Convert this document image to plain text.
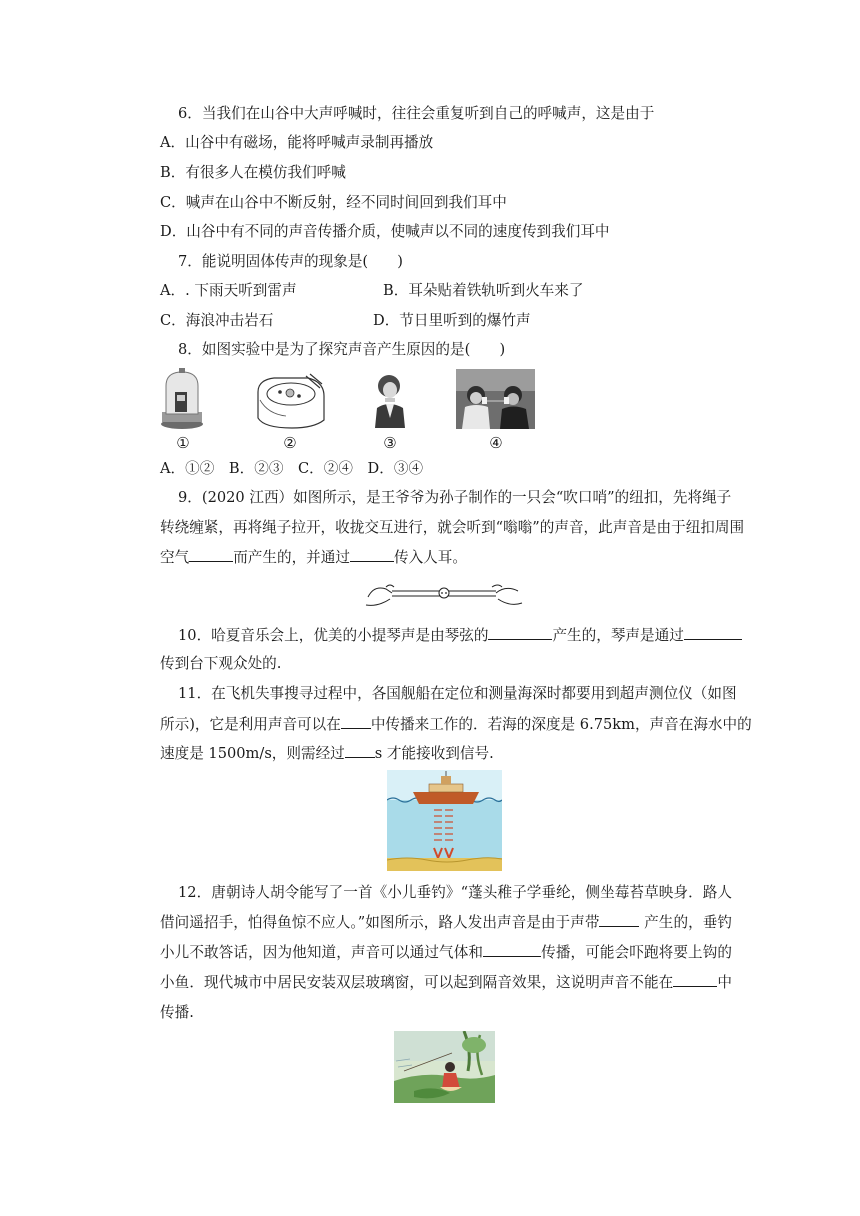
6．当我们在山谷中大声呼喊时，往往会重复听到自己的呼喊声，这是由于
A．山谷中有磁场，能将呼喊声录制再播放
B．有很多人在模仿我们呼喊
C．喊声在山谷中不断反射，经不同时间回到我们耳中
D．山谷中有不同的声音传播介质，使喊声以不同的速度传到我们耳中
7．能说明固体传声的现象是(　　)
A．. 下雨天听到雷声	B．耳朵贴着铁轨听到火车来了
C．海浪冲击岩石	D．节日里听到的爆竹声
8．如图实验中是为了探究声音产生原因的是(　　)
①	②	③	④
A．①②　B．②③　C．②④　D．③④
9．(2020 江西）如图所示，是王爷爷为孙子制作的一只会“吹口哨”的纽扣，先将绳子
转绕缠紧，再将绳子拉开，收拢交互进行，就会听到“嗡嗡”的声音，此声音是由于纽扣周围
空气	而产生的，并通过	传入人耳。
10．哈夏音乐会上，优美的小提琴声是由琴弦的	产生的，琴声是通过
传到台下观众处的.
11．在飞机失事搜寻过程中，各国舰船在定位和测量海深时都要用到超声测位仪（如图
所示)，它是利用声音可以在 中传播来工作的．若海的深度是 6.75km，声音在海水中的
速度是 1500m/s，则需经过 s 才能接收到信号.

12．唐朝诗人胡令能写了一首《小儿垂钓》“蓬头稚子学垂纶，侧坐莓苔草映身．路人借问遥招手，怕得鱼惊不应人。”如图所示，路人发出声音是由于声带	产生的，垂钓小儿不敢答话，因为他知道，声音可以通过气体和	传播，可能会吓跑将要上钩的小鱼．现代城市中居民安装双层玻璃窗，可以起到隔音效果，这说明声音不能在	中传播.
